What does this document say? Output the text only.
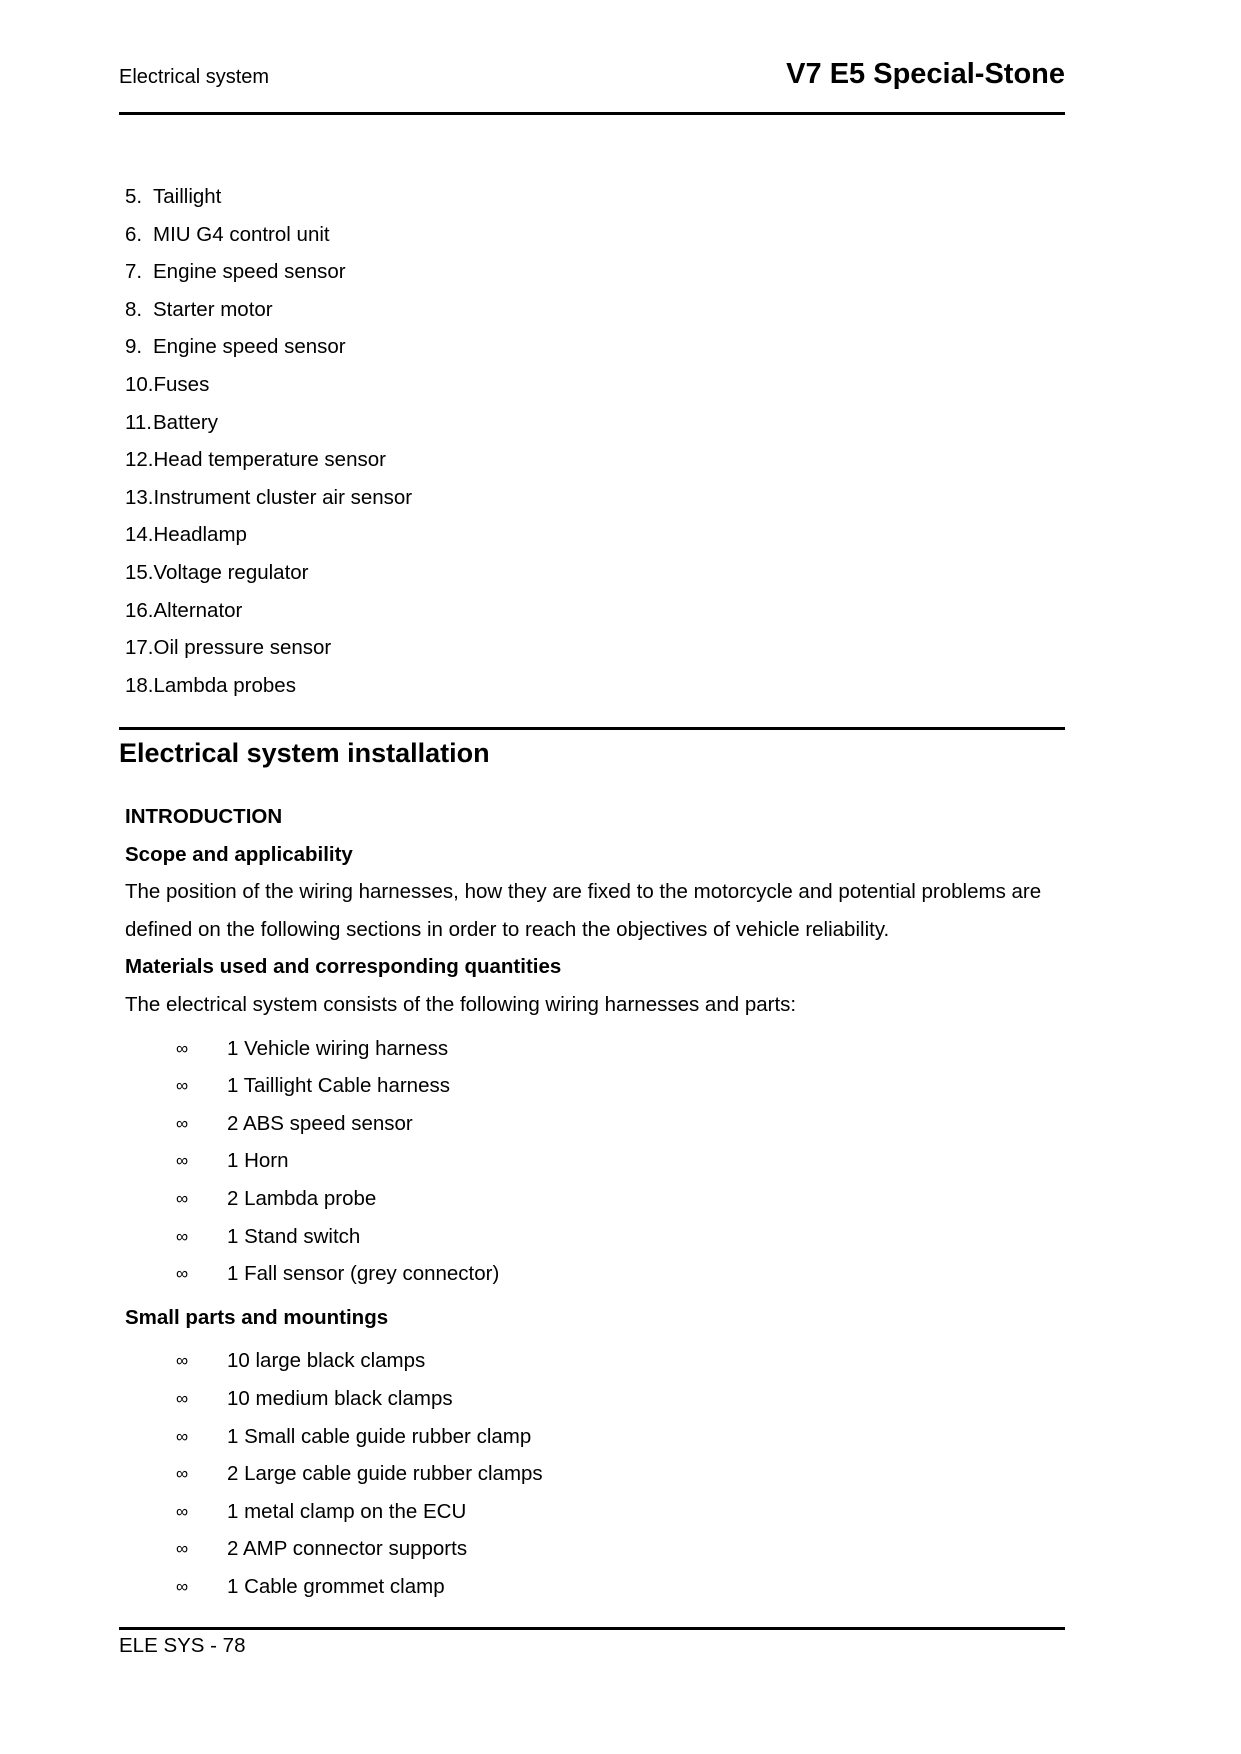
Electrical system	V7 E5 Special-Stone
5. Taillight
6. MIU G4 control unit
7. Engine speed sensor
8. Starter motor
9. Engine speed sensor
10.Fuses
11.Battery
12.Head temperature sensor
13.Instrument cluster air sensor
14.Headlamp
15.Voltage regulator
16.Alternator
17.Oil pressure sensor
18.Lambda probes
Electrical system installation
INTRODUCTION
Scope and applicability

The position of the wiring harnesses, how they are fixed to the motorcycle and potential problems are defined on the following sections in order to reach the objectives of vehicle reliability.

Materials used and corresponding quantities

The electrical system consists of the following wiring harnesses and parts:

∞ 1 Vehicle wiring harness
∞ 1 Taillight Cable harness
∞ 2 ABS speed sensor
∞ 1 Horn
∞ 2 Lambda probe
∞ 1 Stand switch
∞ 1 Fall sensor (grey connector)
Small parts and mountings
∞ 10 large black clamps
∞ 10 medium black clamps
∞ 1 Small cable guide rubber clamp
∞ 2 Large cable guide rubber clamps
∞ 1 metal clamp on the ECU
∞ 2 AMP connector supports
∞ 1 Cable grommet clamp
ELE SYS - 78
